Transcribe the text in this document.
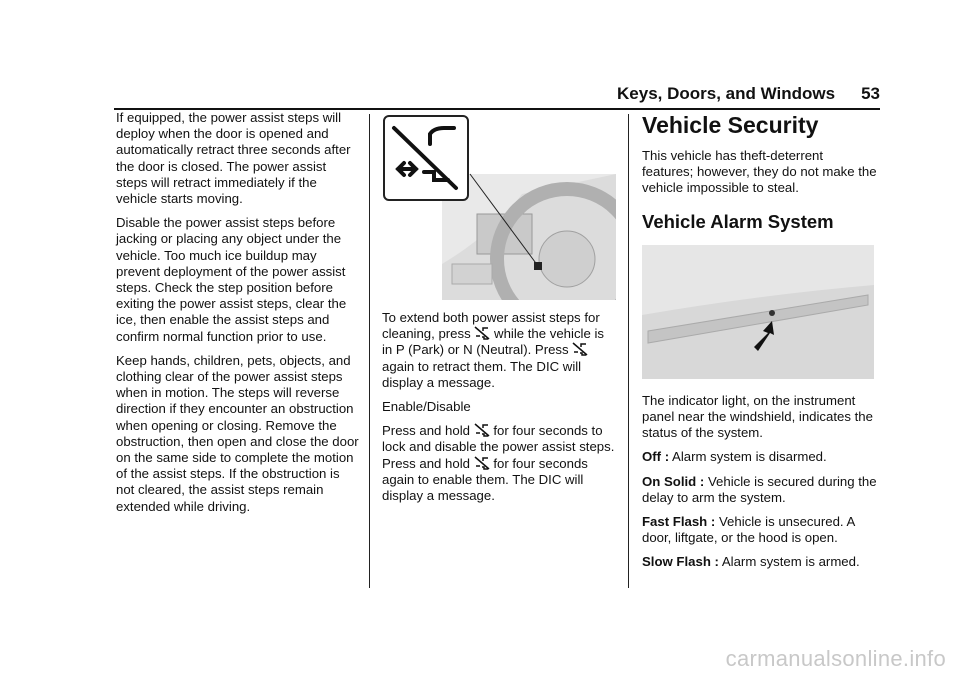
Keys, Doors, and Windows 53

If equipped, the power assist steps will deploy when the door is opened and automatically retract three seconds after the door is closed. The power assist steps will retract immediately if the vehicle starts moving.

Disable the power assist steps before jacking or placing any object under the vehicle. Too much ice buildup may prevent deployment of the power assist steps. Check the step position before exiting the power assist steps, clear the ice, then enable the assist steps and confirm normal function prior to use.

Keep hands, children, pets, objects, and clothing clear of the power assist steps when in motion. The steps will reverse direction if they encounter an obstruction when opening or closing. Remove the obstruction, then open and close the door on the same side to complete the motion of the assist steps. If the obstruction is not cleared, the assist steps remain extended while driving.

To extend both power assist steps for cleaning, press while the vehicle is in P (Park) or N (Neutral). Press  again to retract them. The DIC will display a message.

Enable/Disable

Press and hold for four seconds to lock and disable the power assist steps. Press and hold for four seconds again to enable them. The DIC will display a message.

Vehicle Security

This vehicle has theft-deterrent features; however, they do not make the vehicle impossible to steal.

Vehicle Alarm System

The indicator light, on the instrument panel near the windshield, indicates the status of the system.

Off : Alarm system is disarmed.

On Solid : Vehicle is secured during the delay to arm the system.

Fast Flash : Vehicle is unsecured. A door, liftgate, or the hood is open.

Slow Flash : Alarm system is armed.

carmanualsonline.info
